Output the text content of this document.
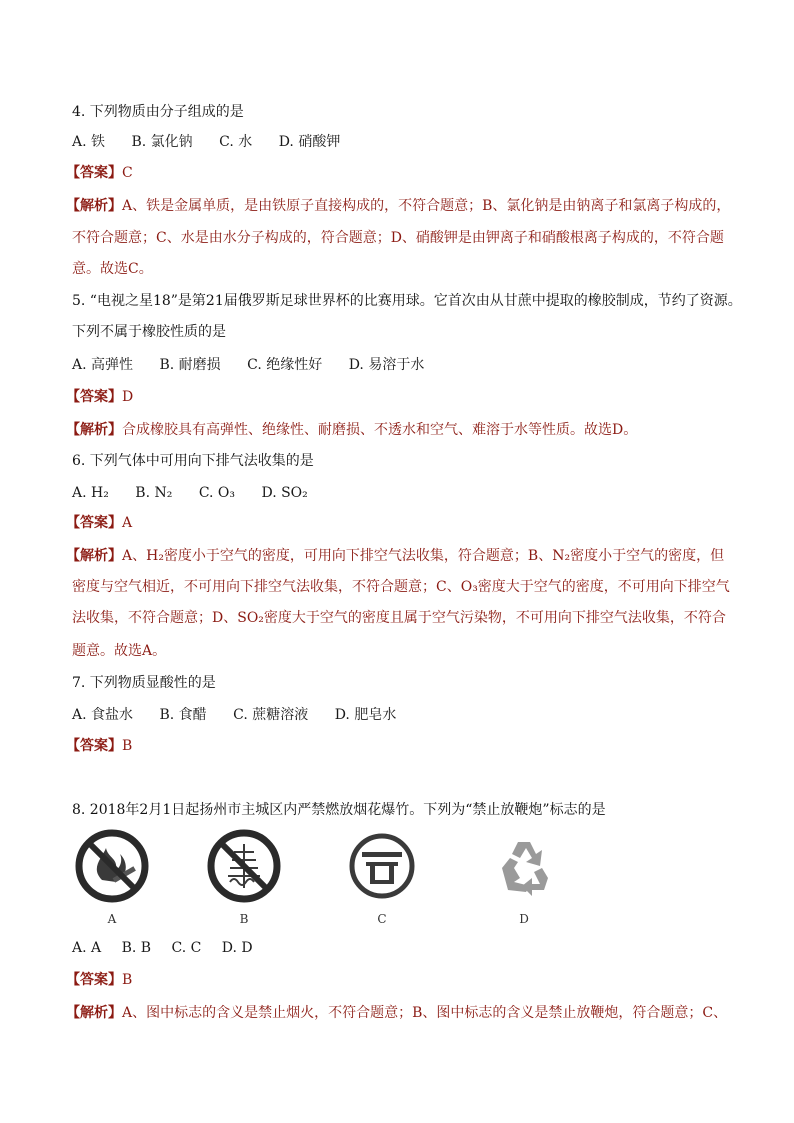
4. 下列物质由分子组成的是
A. 铁 B. 氯化钠 C. 水 D. 硝酸钾
【答案】C
【解析】A、铁是金属单质，是由铁原子直接构成的，不符合题意；B、氯化钠是由钠离子和氯离子构成的，
不符合题意；C、水是由水分子构成的，符合题意；D、硝酸钾是由钾离子和硝酸根离子构成的，不符合题
意。故选C。
5. “电视之星18”是第21届俄罗斯足球世界杯的比赛用球。它首次由从甘蔗中提取的橡胶制成，节约了资源。
下列不属于橡胶性质的是
A. 高弹性 B. 耐磨损 C. 绝缘性好 D. 易溶于水
【答案】D
【解析】合成橡胶具有高弹性、绝缘性、耐磨损、不透水和空气、难溶于水等性质。故选D。
6. 下列气体中可用向下排气法收集的是
A. H₂ B. N₂ C. O₃ D. SO₂
【答案】A
【解析】A、H₂密度小于空气的密度，可用向下排空气法收集，符合题意；B、N₂密度小于空气的密度，但
密度与空气相近，不可用向下排空气法收集，不符合题意；C、O₃密度大于空气的密度，不可用向下排空气
法收集，不符合题意；D、SO₂密度大于空气的密度且属于空气污染物，不可用向下排空气法收集，不符合
题意。故选A。
7. 下列物质显酸性的是
A. 食盐水 B. 食醋 C. 蔗糖溶液 D. 肥皂水
【答案】B
8. 2018年2月1日起扬州市主城区内严禁燃放烟花爆竹。下列为“禁止放鞭炮”标志的是
A	B	C	D
A. A B. B C. C D. D
【答案】B
【解析】A、图中标志的含义是禁止烟火，不符合题意；B、图中标志的含义是禁止放鞭炮，符合题意；C、
